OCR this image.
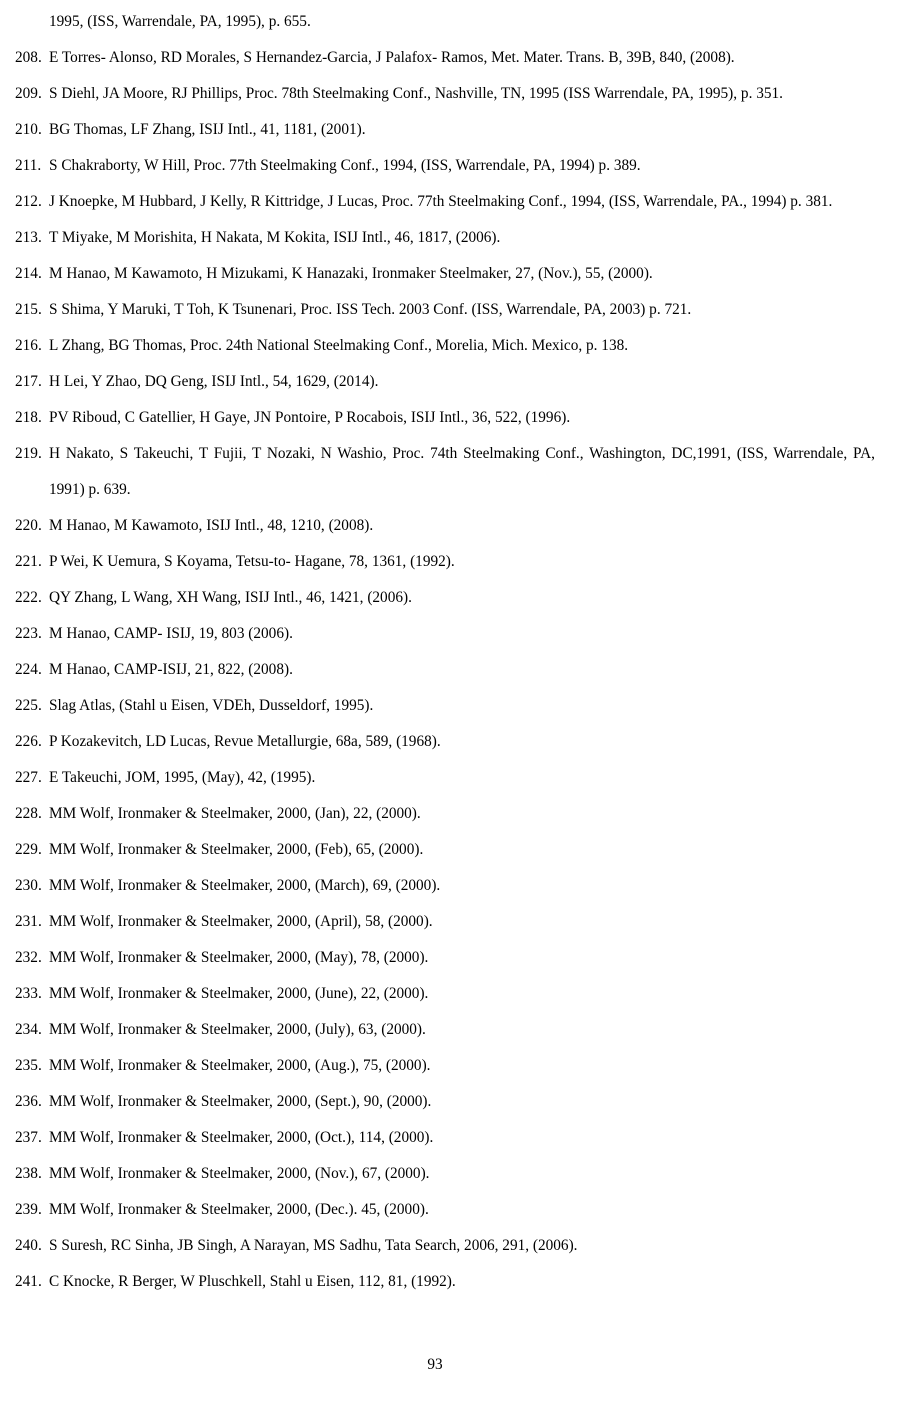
1995, (ISS, Warrendale, PA, 1995), p. 655.
208. E Torres- Alonso, RD Morales, S Hernandez-Garcia, J Palafox- Ramos, Met. Mater. Trans. B, 39B, 840, (2008).
209. S Diehl, JA Moore, RJ Phillips, Proc. 78th Steelmaking Conf., Nashville, TN, 1995 (ISS Warrendale, PA, 1995), p. 351.
210. BG Thomas, LF Zhang, ISIJ Intl., 41, 1181, (2001).
211. S Chakraborty, W Hill, Proc. 77th Steelmaking Conf., 1994, (ISS, Warrendale, PA, 1994) p. 389.
212. J Knoepke, M Hubbard, J Kelly, R Kittridge, J Lucas, Proc. 77th Steelmaking Conf., 1994, (ISS, Warrendale, PA., 1994) p. 381.
213. T Miyake, M Morishita, H Nakata, M Kokita, ISIJ Intl., 46, 1817, (2006).
214. M Hanao, M Kawamoto, H Mizukami, K Hanazaki, Ironmaker Steelmaker, 27, (Nov.), 55, (2000).
215. S Shima, Y Maruki, T Toh, K Tsunenari, Proc. ISS Tech. 2003 Conf. (ISS, Warrendale, PA, 2003) p. 721.
216. L Zhang, BG Thomas, Proc. 24th National Steelmaking Conf., Morelia, Mich. Mexico, p. 138.
217. H Lei, Y Zhao, DQ Geng, ISIJ Intl., 54, 1629, (2014).
218. PV Riboud, C Gatellier, H Gaye, JN Pontoire, P Rocabois, ISIJ Intl., 36, 522, (1996).
219. H Nakato, S Takeuchi, T Fujii, T Nozaki, N Washio, Proc. 74th Steelmaking Conf., Washington, DC,1991, (ISS, Warrendale, PA, 1991) p. 639.
220. M Hanao, M Kawamoto, ISIJ Intl., 48, 1210, (2008).
221. P Wei, K Uemura, S Koyama, Tetsu-to- Hagane, 78, 1361, (1992).
222. QY Zhang, L Wang, XH Wang, ISIJ Intl., 46, 1421, (2006).
223. M Hanao, CAMP- ISIJ, 19, 803 (2006).
224. M Hanao, CAMP-ISIJ, 21, 822, (2008).
225. Slag Atlas, (Stahl u Eisen, VDEh, Dusseldorf, 1995).
226. P Kozakevitch, LD Lucas, Revue Metallurgie, 68a, 589, (1968).
227. E Takeuchi, JOM, 1995, (May), 42, (1995).
228. MM Wolf, Ironmaker & Steelmaker, 2000, (Jan), 22, (2000).
229. MM Wolf, Ironmaker & Steelmaker, 2000, (Feb), 65, (2000).
230. MM Wolf, Ironmaker & Steelmaker, 2000, (March), 69, (2000).
231. MM Wolf, Ironmaker & Steelmaker, 2000, (April), 58, (2000).
232. MM Wolf, Ironmaker & Steelmaker, 2000, (May), 78, (2000).
233. MM Wolf, Ironmaker & Steelmaker, 2000, (June), 22, (2000).
234. MM Wolf, Ironmaker & Steelmaker, 2000, (July), 63, (2000).
235. MM Wolf, Ironmaker & Steelmaker, 2000, (Aug.), 75, (2000).
236. MM Wolf, Ironmaker & Steelmaker, 2000, (Sept.), 90, (2000).
237. MM Wolf, Ironmaker & Steelmaker, 2000, (Oct.), 114, (2000).
238. MM Wolf, Ironmaker & Steelmaker, 2000, (Nov.), 67, (2000).
239. MM Wolf, Ironmaker & Steelmaker, 2000, (Dec.). 45, (2000).
240. S Suresh, RC Sinha, JB Singh, A Narayan, MS Sadhu, Tata Search, 2006, 291, (2006).
241. C Knocke, R Berger, W Pluschkell, Stahl u Eisen, 112, 81, (1992).
93
